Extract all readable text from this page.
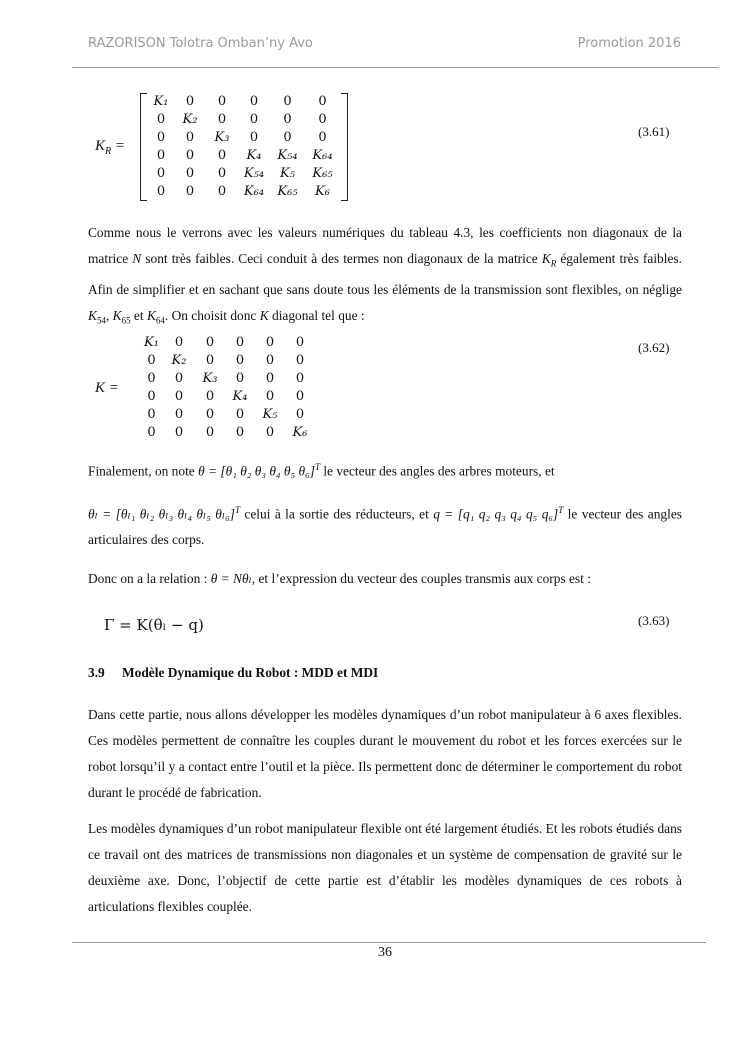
RAZORISON Tolotra Omban’ny Avo	Promotion 2016
$K_R$ =
K₁	0	0	0	0	0
0	K₂	0	0	0	0
0	0	K₃	0	0	0
0	0	0	K₄	K₅₄	K₆₄
0	0	0	K₅₄	K₅	K₆₅
0	0	0	K₆₄	K₆₅	K₆
(3.61)
Comme nous le verrons avec les valeurs numériques du tableau 4.3, les coefficients non diagonaux de la matrice N sont très faibles. Ceci conduit à des termes non diagonaux de la matrice $K_R$ également très faibles. Afin de simplifier et en sachant que sans doute tous les éléments de la transmission sont flexibles, on néglige $K_{54}$, $K_{65}$ et $K_{64}$. On choisit donc K diagonal tel que :
K =
K₁	0	0	0	0	0
0	K₂	0	0	0	0
0	0	K₃	0	0	0
0	0	0	K₄	0	0
0	0	0	0	K₅	0
0	0	0	0	0	K₆
(3.62)
Finalement, on note θ = [θ₁ θ₂ θ₃ θ₄ θ₅ θ₆]$^T$ le vecteur des angles des arbres moteurs, et
θₗ = [θₗ₁ θₗ₂ θₗ₃ θₗ₄ θₗ₅ θₗ₆]$^T$ celui à la sortie des réducteurs, et q = [q₁ q₂ q₃ q₄ q₅ q₆]$^T$ le vecteur des angles articulaires des corps.
Donc on a la relation : θ = Nθₗ, et l’expression du vecteur des couples transmis aux corps est :
Γ = K(θₗ − q)	(3.63)
3.9 Modèle Dynamique du Robot : MDD et MDI
Dans cette partie, nous allons développer les modèles dynamiques d’un robot manipulateur à 6 axes flexibles. Ces modèles permettent de connaître les couples durant le mouvement du robot et les forces exercées sur le robot lorsqu’il y a contact entre l’outil et la pièce. Ils permettent donc de déterminer le comportement du robot durant le procédé de fabrication.
Les modèles dynamiques d’un robot manipulateur flexible ont été largement étudiés. Et les robots étudiés dans ce travail ont des matrices de transmissions non diagonales et un système de compensation de gravité sur le deuxième axe. Donc, l’objectif de cette partie est d’établir les modèles dynamiques de ces robots à articulations flexibles couplée.
36
